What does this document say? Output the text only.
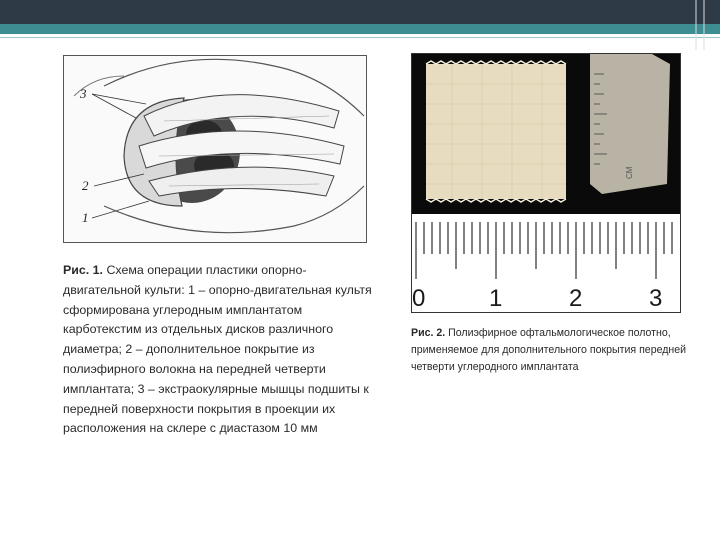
3
2
1
CM
0	1	2	3
Рис. 1. Схема операции пластики опорно-двигательной культи: 1 – опорно-двигательная культя сформирована углеродным имплантатом карботекстим из отдельных дисков различного диаметра; 2 – дополнительное покрытие из полиэфирного волокна на передней четверти имплантата; 3 – экстраокулярные мышцы подшиты к передней поверхности покрытия в проекции их расположения на склере с диастазом 10 мм
Рис. 2. Полиэфирное офтальмологическое полотно, применяемое для дополнительного покрытия передней четверти углеродного имплантата
